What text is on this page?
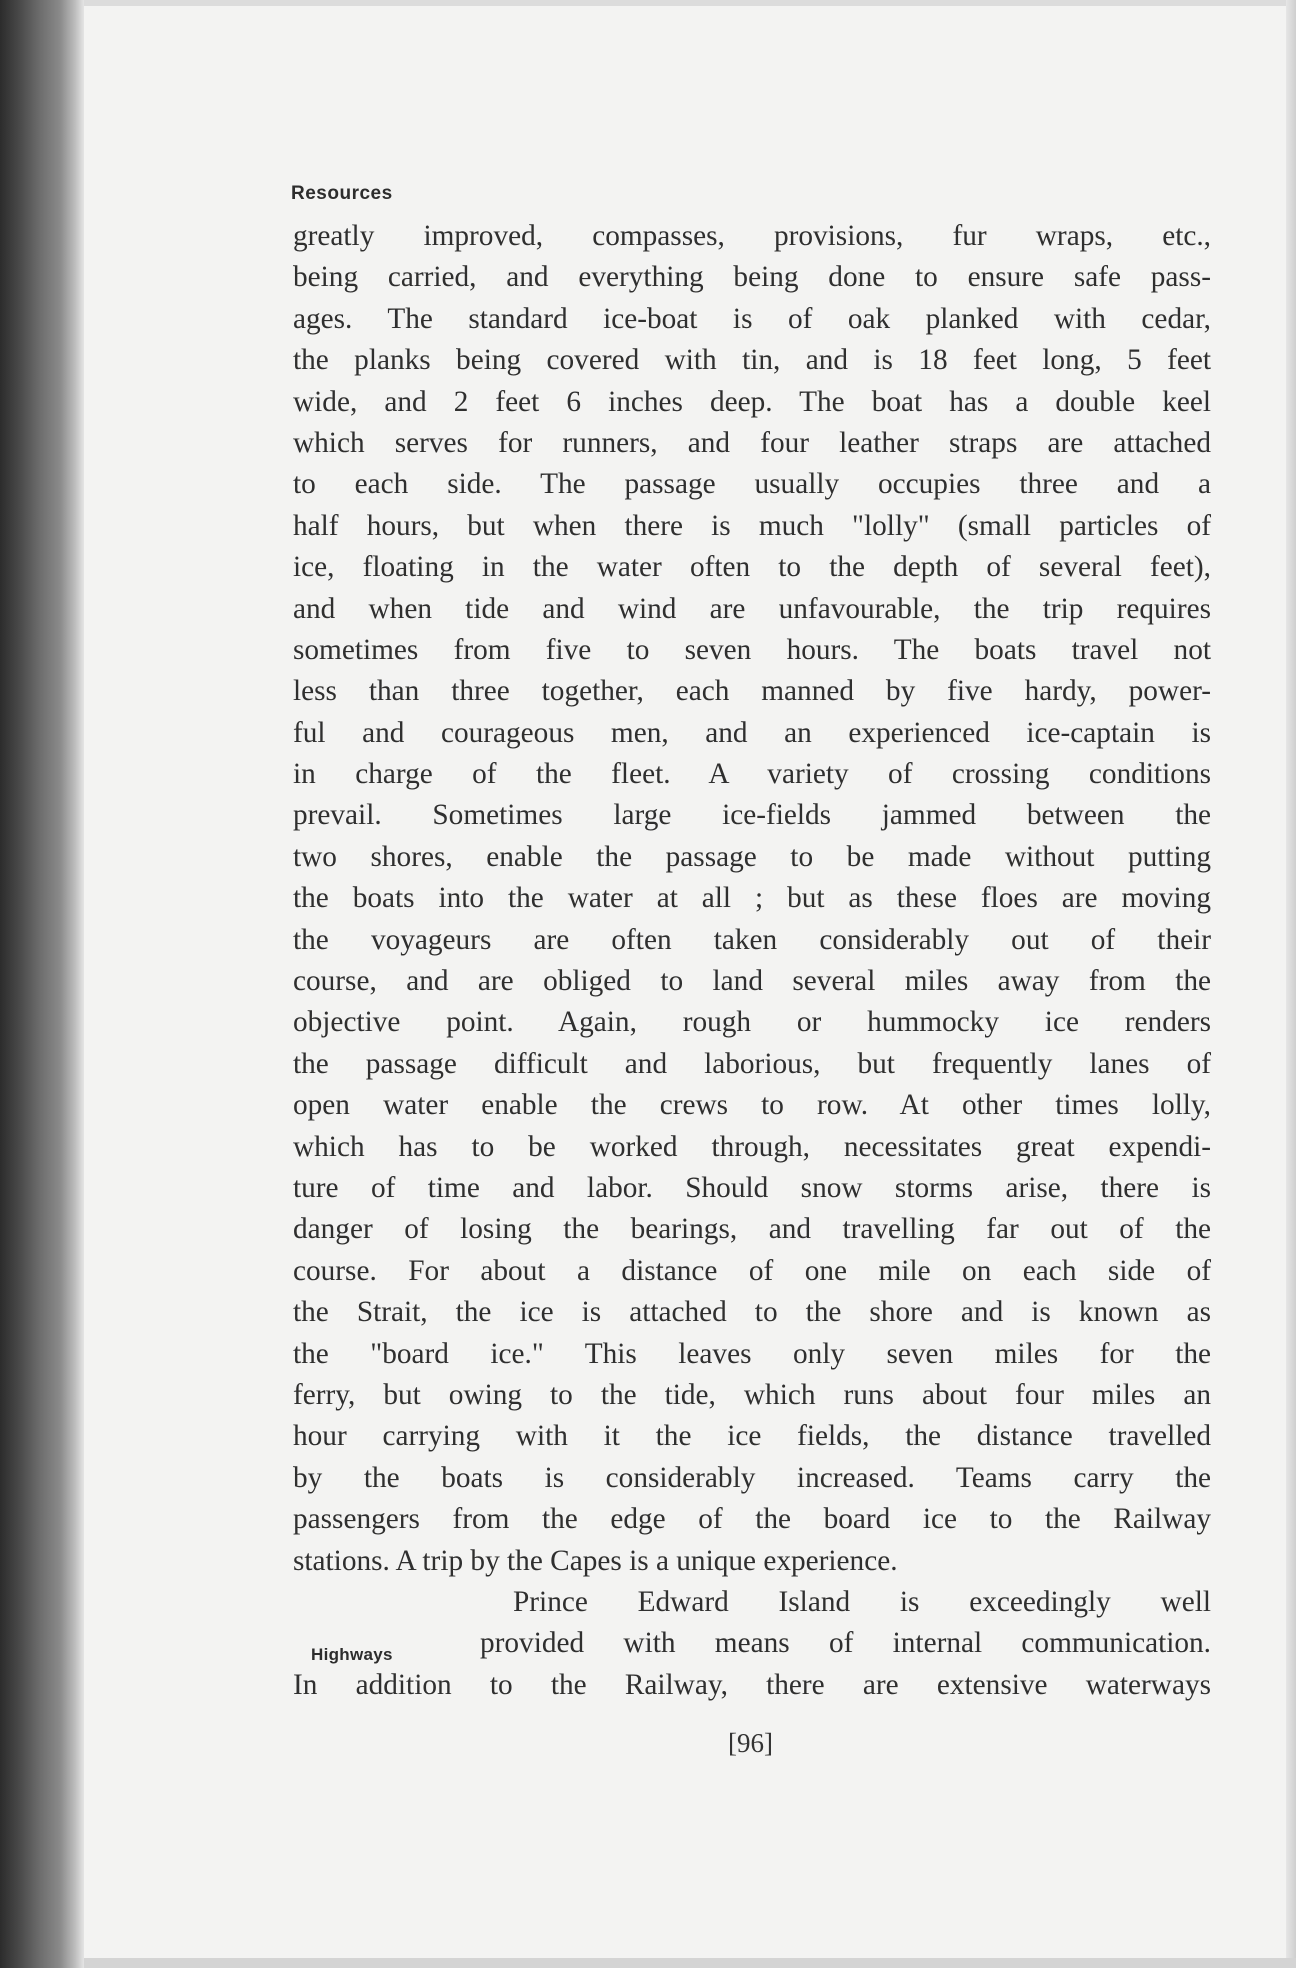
Resources
greatly improved, compasses, provisions, fur wraps, etc.,
being carried, and everything being done to ensure safe pass-
ages. The standard ice-boat is of oak planked with cedar,
the planks being covered with tin, and is 18 feet long, 5 feet
wide, and 2 feet 6 inches deep. The boat has a double keel
which serves for runners, and four leather straps are attached
to each side. The passage usually occupies three and a
half hours, but when there is much "lolly" (small particles of
ice, floating in the water often to the depth of several feet),
and when tide and wind are unfavourable, the trip requires
sometimes from five to seven hours. The boats travel not
less than three together, each manned by five hardy, power-
ful and courageous men, and an experienced ice-captain is
in charge of the fleet. A variety of crossing conditions
prevail. Sometimes large ice-fields jammed between the
two shores, enable the passage to be made without putting
the boats into the water at all ; but as these floes are moving
the voyageurs are often taken considerably out of their
course, and are obliged to land several miles away from the
objective point. Again, rough or hummocky ice renders
the passage difficult and laborious, but frequently lanes of
open water enable the crews to row. At other times lolly,
which has to be worked through, necessitates great expendi-
ture of time and labor. Should snow storms arise, there is
danger of losing the bearings, and travelling far out of the
course. For about a distance of one mile on each side of
the Strait, the ice is attached to the shore and is known as
the "board ice." This leaves only seven miles for the
ferry, but owing to the tide, which runs about four miles an
hour carrying with it the ice fields, the distance travelled
by the boats is considerably increased. Teams carry the
passengers from the edge of the board ice to the Railway
stations. A trip by the Capes is a unique experience.
Prince Edward Island is exceedingly well
provided with means of internal communication.
In addition to the Railway, there are extensive waterways
Highways
[96]
